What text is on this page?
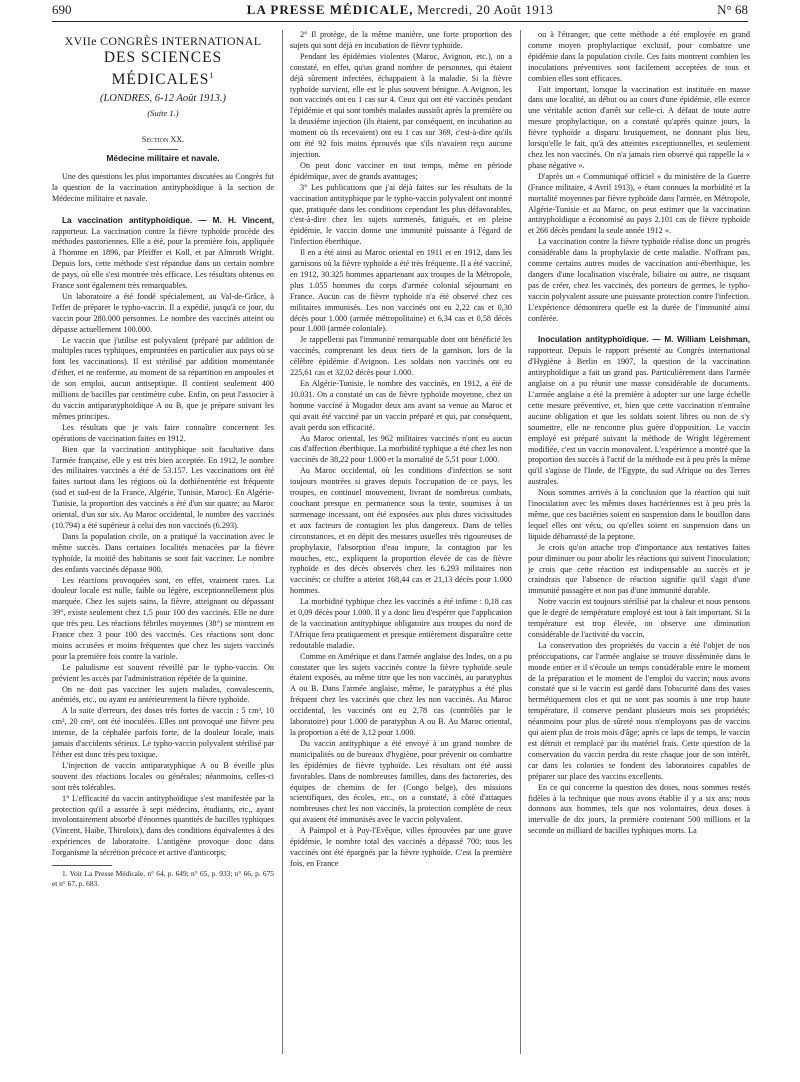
690	LA PRESSE MÉDICALE, Mercredi, 20 Août 1913	N° 68

XVIIe CONGRÈS INTERNATIONAL

DES SCIENCES MÉDICALES$^1$

(LONDRES, 6-12 Août 1913.)

(Suite 1.)

Section XX.

Médecine militaire et navale.

Une des questions les plus importantes discutées au Congrès fut la question de la vaccination antityphoïdique à la section de Médecine militaire et navale.

La vaccination antityphoïdique. — M. H. Vincent, rapporteur. La vaccination contre la fièvre typhoïde procède des méthodes pastoriennes. Elle a été, pour la première fois, appliquée à l'homme en 1896, par Pfeiffer et Koll, et par Almroth Wright. Depuis lors, cette méthode s'est répandue dans un certain nombre de pays, où elle s'est montrée très efficace. Les résultats obtenus en France sont également très remarquables.

Un laboratoire a été fondé spécialement, au Val-de-Grâce, à l'effet de préparer le typho-vaccin. Il a expédié, jusqu'à ce jour, du vaccin pour 280.000 personnes. Le nombre des vaccinés atteint ou dépasse actuellement 100.000.

Le vaccin que j'utilise est polyvalent (préparé par addition de multiples races typhiques, empruntées en particulier aux pays où se font les vaccinations). Il est stérilisé par addition momentanée d'éther, et ne renferme, au moment de sa répartition en ampoules et de son emploi, aucun antiseptique. Il contient seulement 400 millions de bacilles par centimètre cube. Enfin, on peut l'associer à du vaccin antiparatyphoïdique A ou B, que je prépare suivant les mêmes principes.

Les résultats que je vais faire connaître concernent les opérations de vaccination faites en 1912.

Bien que la vaccination antityphique soit facultative dans l'armée française, elle y est très bien acceptée. En 1912, le nombre des militaires vaccinés a été de 53.157. Les vaccinations ont été faites surtout dans les régions où la dothiénentérie est fréquente (sud et sud-est de la France, Algérie, Tunisie, Maroc). En Algérie-Tunisie, la proportion des vaccinés a été d'un sur quatre; au Maroc oriental, d'un sur six. Au Maroc occidental, le nombre des vaccinés (10.794) a été supérieur à celui des non vaccinés (6.293).

Dans la population civile, on a pratiqué la vaccination avec le même succès. Dans certaines localités menacées par la fièvre typhoïde, la moitié des habitants se sont fait vacciner. Le nombre des enfants vaccinés dépasse 900.

Les réactions provoquées sont, en effet, vraiment rares. La douleur locale est nulle, faible ou légère, exceptionnellement plus marquée. Chez les sujets sains, la fièvre, atteignant ou dépassant 39°, existe seulement chez 1,5 pour 100 des vaccinés. Elle ne dure que très peu. Les réactions fébriles moyennes (38°) se montrent en France chez 3 pour 100 des vaccinés. Ces réactions sont donc moins accusées et moins fréquentes que chez les sujets vaccinés pour la première fois contre la variole.

Le paludisme est souvent réveillé par le typho-vaccin. On prévient les accès par l'administration répétée de la quinine.

On ne doit pas vacciner les sujets malades, convalescents, anémiés, etc., ou ayant eu antérieurement la fièvre typhoïde.

A la suite d'erreurs, des doses très fortes de vaccin : 5 cm³, 10 cm³, 20 cm³, ont été inoculées. Elles ont provoqué une fièvre peu intense, de la céphalée parfois forte, de la douleur locale, mais jamais d'accidents sérieux. Le typho-vaccin polyvalent stérilisé par l'éther est donc très peu toxique.

L'injection de vaccin antiparatyphique A ou B éveille plus souvent des réactions locales ou générales; néanmoins, celles-ci sont très tolérables.

1° L'efficacité du vaccin antityphoïdique s'est manifestée par la protection qu'il a assurée à sept médecins, étudiants, etc., ayant involontairement absorbé d'énormes quantités de bacilles typhiques (Vincent, Haibe, Thiroloix), dans des conditions équivalentes à des expériences de laboratoire. L'antigène provoque donc dans l'organisme la sécrétion précoce et active d'anticorps;

1. Voir La Presse Médicale, n° 64, p. 649; n° 65, p. 933; n° 66, p. 675 et n° 67, p. 683.

2° Il protège, de la même manière, une forte proportion des sujets qui sont déjà en incubation de fièvre typhoïde.

Pendant les épidémies violentes (Maroc, Avignon, etc.), on a constaté, en effet, qu'un grand nombre de personnes, qui étaient déjà sûrement infectées, échappaient à la maladie. Si la fièvre typhoïde survient, elle est le plus souvent bénigne. A Avignon, les non vaccinés ont eu 1 cas sur 4. Ceux qui ont été vaccinés pendant l'épidémie et qui sont tombés malades aussitôt après la première ou la deuxième injection (ils étaient, par conséquent, en incubation au moment où ils recevaient) ont eu 1 cas sur 369, c'est-à-dire qu'ils ont été 92 fois moins éprouvés que s'ils n'avaient reçu aucune injection.

On peut donc vacciner en tout temps, même en période épidémique, avec de grands avantages;

3° Les publications que j'ai déjà faites sur les résultats de la vaccination antityphique par le typho-vaccin polyvalent ont montré que, pratiquée dans les conditions cependant les plus défavorables, c'est-à-dire chez les sujets surmenés, fatigués, et en pleine épidémie, le vaccin donne une immunité puissante à l'égard de l'infection éberthique.

Il en a été ainsi au Maroc oriental en 1911 et en 1912, dans les garnisons où la fièvre typhoïde a été très fréquente. Il a été vacciné, en 1912, 30.325 hommes appartenant aux troupes de la Métropole, plus 1.055 hommes du corps d'armée colonial séjournant en France. Aucun cas de fièvre typhoïde n'a été observé chez ces militaires immunisés. Les non vaccinés ont eu 2,22 cas et 0,30 décès pour 1.000 (armée métropolitaine) et 6,34 cas et 0,58 décès pour 1.000 (armée coloniale).

Je rappellerai pas l'immunité remarquable dont ont bénéficié les vaccinés, comprenant les deux tiers de la garnison, lors de la célèbre épidémie d'Avignon. Les soldats non vaccinés ont eu 225,61 cas et 32,02 décès pour 1.000.

En Algérie-Tunisie, le nombre des vaccinés, en 1912, a été de 10.031. On a constaté un cas de fièvre typhoïde moyenne, chez un homme vacciné à Mogador deux ans avant sa venue au Maroc et qui avait été vacciné par un vaccin préparé et qui, par conséquent, avait perdu son efficacité.

Au Maroc oriental, les 962 militaires vaccinés n'ont eu aucun cas d'affection éberthique. La morbidité typhique a été chez les non vaccinés de 38,22 pour 1.000 et la mortalité de 5,51 pour 1.000.

Au Maroc occidental, où les conditions d'infection se sont toujours montrées si graves depuis l'occupation de ce pays, les troupes, en continuel mouvement, livrant de nombreux combats, couchant presque en permanence sous la tente, soumises à un surmenage incessant, ont été exposées aux plus dures vicissitudes et aux facteurs de contagion les plus dangereux. Dans de telles circonstances, et en dépit des mesures usuelles très rigoureuses de prophylaxie, l'absorption d'eau impure, la contagion par les mouches, etc., expliquent la proportion élevée de cas de fièvre typhoïde et des décès observés chez les 6.293 militaires non vaccinés; ce chiffre a atteint 168,44 cas et 21,13 décès pour 1.000 hommes.

La morbidité typhique chez les vaccinés a été infime : 0,18 cas et 0,09 décès pour 1.000. Il y a donc lieu d'espérer que l'application de la vaccination antityphique obligatoire aux troupes du nord de l'Afrique fera pratiquement et presque entièrement disparaître cette redoutable maladie.

Comme en Amérique et dans l'armée anglaise des Indes, on a pu constater que les sujets vaccinés contre la fièvre typhoïde seule étaient exposés, au même titre que les non vaccinés, au paratyphus A ou B. Dans l'armée anglaise, même, le paratyphus a été plus fréquent chez les vaccinés que chez les non vaccinés. Au Maroc occidental, les vaccinés ont eu 2,78 cas (contrôlés par le laboratoire) pour 1.000 de paratyphus A ou B. Au Maroc oriental, la proportion a été de 3,12 pour 1.000.

Du vaccin antityphique a été envoyé à un grand nombre de municipalités ou de bureaux d'hygiène, pour prévenir ou combattre les épidémies de fièvre typhoïde. Les résultats ont été aussi favorables. Dans de nombreuses familles, dans des factoreries, des équipes de chemins de fer (Congo belge), des missions scientifiques, des écoles, etc., on a constaté, à côté d'attaques nombreuses chez les non vaccinés, la protection complète de ceux qui avaient été immunisés avec le vaccin polyvalent.

A Paimpol et à Puy-l'Evêque, villes éprouvées par une grave épidémie, le nombre total des vaccinés a dépassé 700; tous les vaccinés ont été épargnés par la fièvre typhoïde. C'est la première fois, en France

ou à l'étranger, que cette méthode a été employée en grand comme moyen prophylactique exclusif, pour combattre une épidémie dans la population civile. Ces faits montrent combien les inoculations préventives sont facilement acceptées de tous et combien elles sont efficaces.

Fait important, lorsque la vaccination est instituée en masse dans une localité, au début ou au cours d'une épidémie, elle exerce une véritable action d'arrêt sur celle-ci. A défaut de toute autre mesure prophylactique, on a constaté qu'après quinze jours, la fièvre typhoïde a disparu brusquement, ne donnant plus lieu, lorsqu'elle le fait, qu'à des atteintes exceptionnelles, et seulement chez les non vaccinés. On n'a jamais rien observé qui rappelle la « phase négative ».

D'après un « Communiqué officiel » du ministère de la Guerre (France militaire, 4 Avril 1913), « étant connues la morbidité et la mortalité moyennes par fièvre typhoïde dans l'armée, en Métropole, Algérie-Tunisie et au Maroc, on peut estimer que la vaccination antityphoïdique a économisé au pays 2.101 cas de fièvre typhoïde et 266 décès pendant la seule année 1912 ».

La vaccination contre la fièvre typhoïde réalise donc un progrès considérable dans la prophylaxie de cette maladie. N'offrant pas, comme certains autres modes de vaccination anti-éberthique, les dangers d'une localisation viscérale, biliaire ou autre, ne risquant pas de créer, chez les vaccinés, des porteurs de germes, le typho-vaccin polyvalent assure une puissante protection contre l'infection. L'expérience démontrera quelle est la durée de l'immunité ainsi conférée.

Inoculation antityphoïdique. — M. William Leishman, rapporteur. Depuis le rapport présenté au Congrès international d'Hygiène à Berlin en 1907, la question de la vaccination antityphoïdique a fait un grand pas. Particulièrement dans l'armée anglaise on a pu réunir une masse considérable de documents. L'armée anglaise a été la première à adopter sur une large échelle cette mesure préventive, et, bien que cette vaccination n'entraîne aucune obligation et que les soldats soient libres ou non de s'y soumettre, elle ne rencontre plus guère d'opposition. Le vaccin employé est préparé suivant la méthode de Wright légèrement modifiée, c'est un vaccin monovalent. L'expérience a montré que la proportion des succès à l'actif de la méthode est à peu près la même qu'il s'agisse de l'Inde, de l'Egypte, du sud Afrique ou des Terres australes.

Nous sommes arrivés à la conclusion que la réaction qui suit l'inoculation avec les mêmes doses bactériennes est à peu près la même, que ces bactéries soient en suspension dans le bouillon dans lequel elles ont vécu, ou qu'elles soient en suspension dans un liquide débarrassé de la peptone.

Je crois qu'on attache trop d'importance aux tentatives faites pour diminuer ou pour abolir les réactions qui suivent l'inoculation; je crois que cette réaction est indispensable au succès et je craindrais que l'absence de réaction signifie qu'il s'agit d'une immunité passagère et non pas d'une immunité durable.

Notre vaccin est toujours stérilisé par la chaleur et nous pensons que le degré de température employé est tout à fait important. Si la température est trop élevée, on observe une diminution considérable de l'activité du vaccin.

La conservation des propriétés du vaccin a été l'objet de nos préoccupations, car l'armée anglaise se trouve disséminée dans le monde entier et il s'écoule un temps considérable entre le moment de la préparation et le moment de l'emploi du vaccin; nous avons constaté que si le vaccin est gardé dans l'obscurité dans des vases hermétiquement clos et qui ne sont pas soumis à une trop haute température, il conserve pendant plusieurs mois ses propriétés; néanmoins pour plus de sûreté nous n'employons pas de vaccins qui aient plus de trois mois d'âge; après ce laps de temps, le vaccin est détruit et remplacé par du matériel frais. Cette question de la conservation du vaccin perdra du reste chaque jour de son intérêt, car dans les colonies se fondent des laboratoires capables de préparer sur place des vaccins excellents.

En ce qui concerne la question des doses, nous sommes restés fidèles à la technique que nous avons établie il y a six ans; nous donnons aux hommes, tels que nos volontaires, deux doses à intervalle de dix jours, la première contenant 500 millions et la seconde un milliard de bacilles typhiques morts. La
